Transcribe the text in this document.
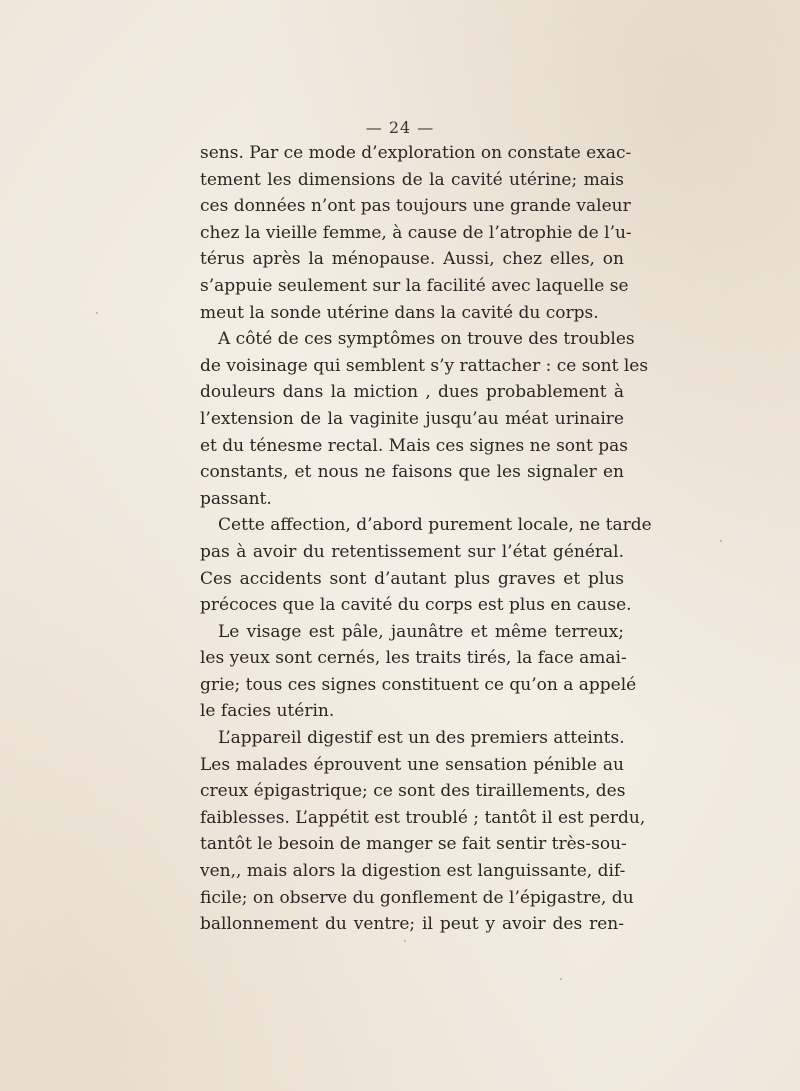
— 24 —
sens. Par ce mode d’exploration on constate exac-
tement les dimensions de la cavité utérine; mais
ces données n’ont pas toujours une grande valeur
chez la vieille femme, à cause de l’atrophie de l’u-
térus après la ménopause. Aussi, chez elles, on
s’appuie seulement sur la facilité avec laquelle se
meut la sonde utérine dans la cavité du corps.
A côté de ces symptômes on trouve des troubles
de voisinage qui semblent s’y rattacher : ce sont les
douleurs dans la miction , dues probablement à
l’extension de la vaginite jusqu’au méat urinaire
et du ténesme rectal. Mais ces signes ne sont pas
constants, et nous ne faisons que les signaler en
passant.
Cette affection, d’abord purement locale, ne tarde
pas à avoir du retentissement sur l’état général.
Ces accidents sont d’autant plus graves et plus
précoces que la cavité du corps est plus en cause.
Le visage est pâle, jaunâtre et même terreux;
les yeux sont cernés, les traits tirés, la face amai-
grie; tous ces signes constituent ce qu’on a appelé
le facies utérin.
L’appareil digestif est un des premiers atteints.
Les malades éprouvent une sensation pénible au
creux épigastrique; ce sont des tiraillements, des
faiblesses. L’appétit est troublé ; tantôt il est perdu,
tantôt le besoin de manger se fait sentir très-sou-
ven,, mais alors la digestion est languissante, dif-
ficile; on observe du gonflement de l’épigastre, du
ballonnement du ventre; il peut y avoir des ren-
